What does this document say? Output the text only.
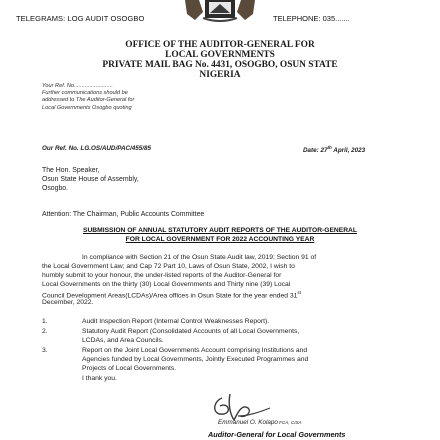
TELEGRAMS: LOG AUDIT OSOGBO	TELEPHONE: 035.......
OFFICE OF THE AUDITOR-GENERAL FOR
LOCAL GOVERNMENTS
PRIVATE MAIL BAG No. 4431, OSOGBO, OSUN STATE
NIGERIA
Your Ref. No.........................
Further communications should be
addressed to The Auditor-General for
Local Governments Osogbo quoting
Our Ref. No. LG.OS/AUD/PAC/455/85	Date: 27th April, 2023
The Hon. Speaker,
Osun State House of Assembly,
Osogbo.
Attention: The Chairman, Public Accounts Committee
SUBMISSION OF ANNUAL STATUTORY AUDIT REPORTS OF THE AUDITOR-GENERAL
FOR LOCAL GOVERNMENT FOR 2022 ACCOUNTING YEAR
In compliance with Section 21 of the Osun State Audit law, 2019; Section 91 of
the Local Government Law; and Cap 72 Part 10, Laws of Osun State, 2002, I wish to
humbly submit to your honour, the under-listed reports of the Auditor-General for
Local Governments on the thirty (30) Local Governments and Thirty nine (39) Local
Council Development Areas(LCDAs)/Area offices in Osun State for the year ended 31st
December, 2022.
1.	Audit Inspection Report (Internal Control Weaknesses Report).
2.	Statutory Audit Report (Consolidated Accounts of all Local Governments,
LCDAs, and Area Councils.
3.	Report on the Joint Local Governments Account comprising Institutions and
Agencies funded by Local Governments, Jointly Executed Programmes and
Projects of Local Governments.
I thank you.
Emmanuel O. Kolapo FCA, CISA
Auditor-General for Local Governments
